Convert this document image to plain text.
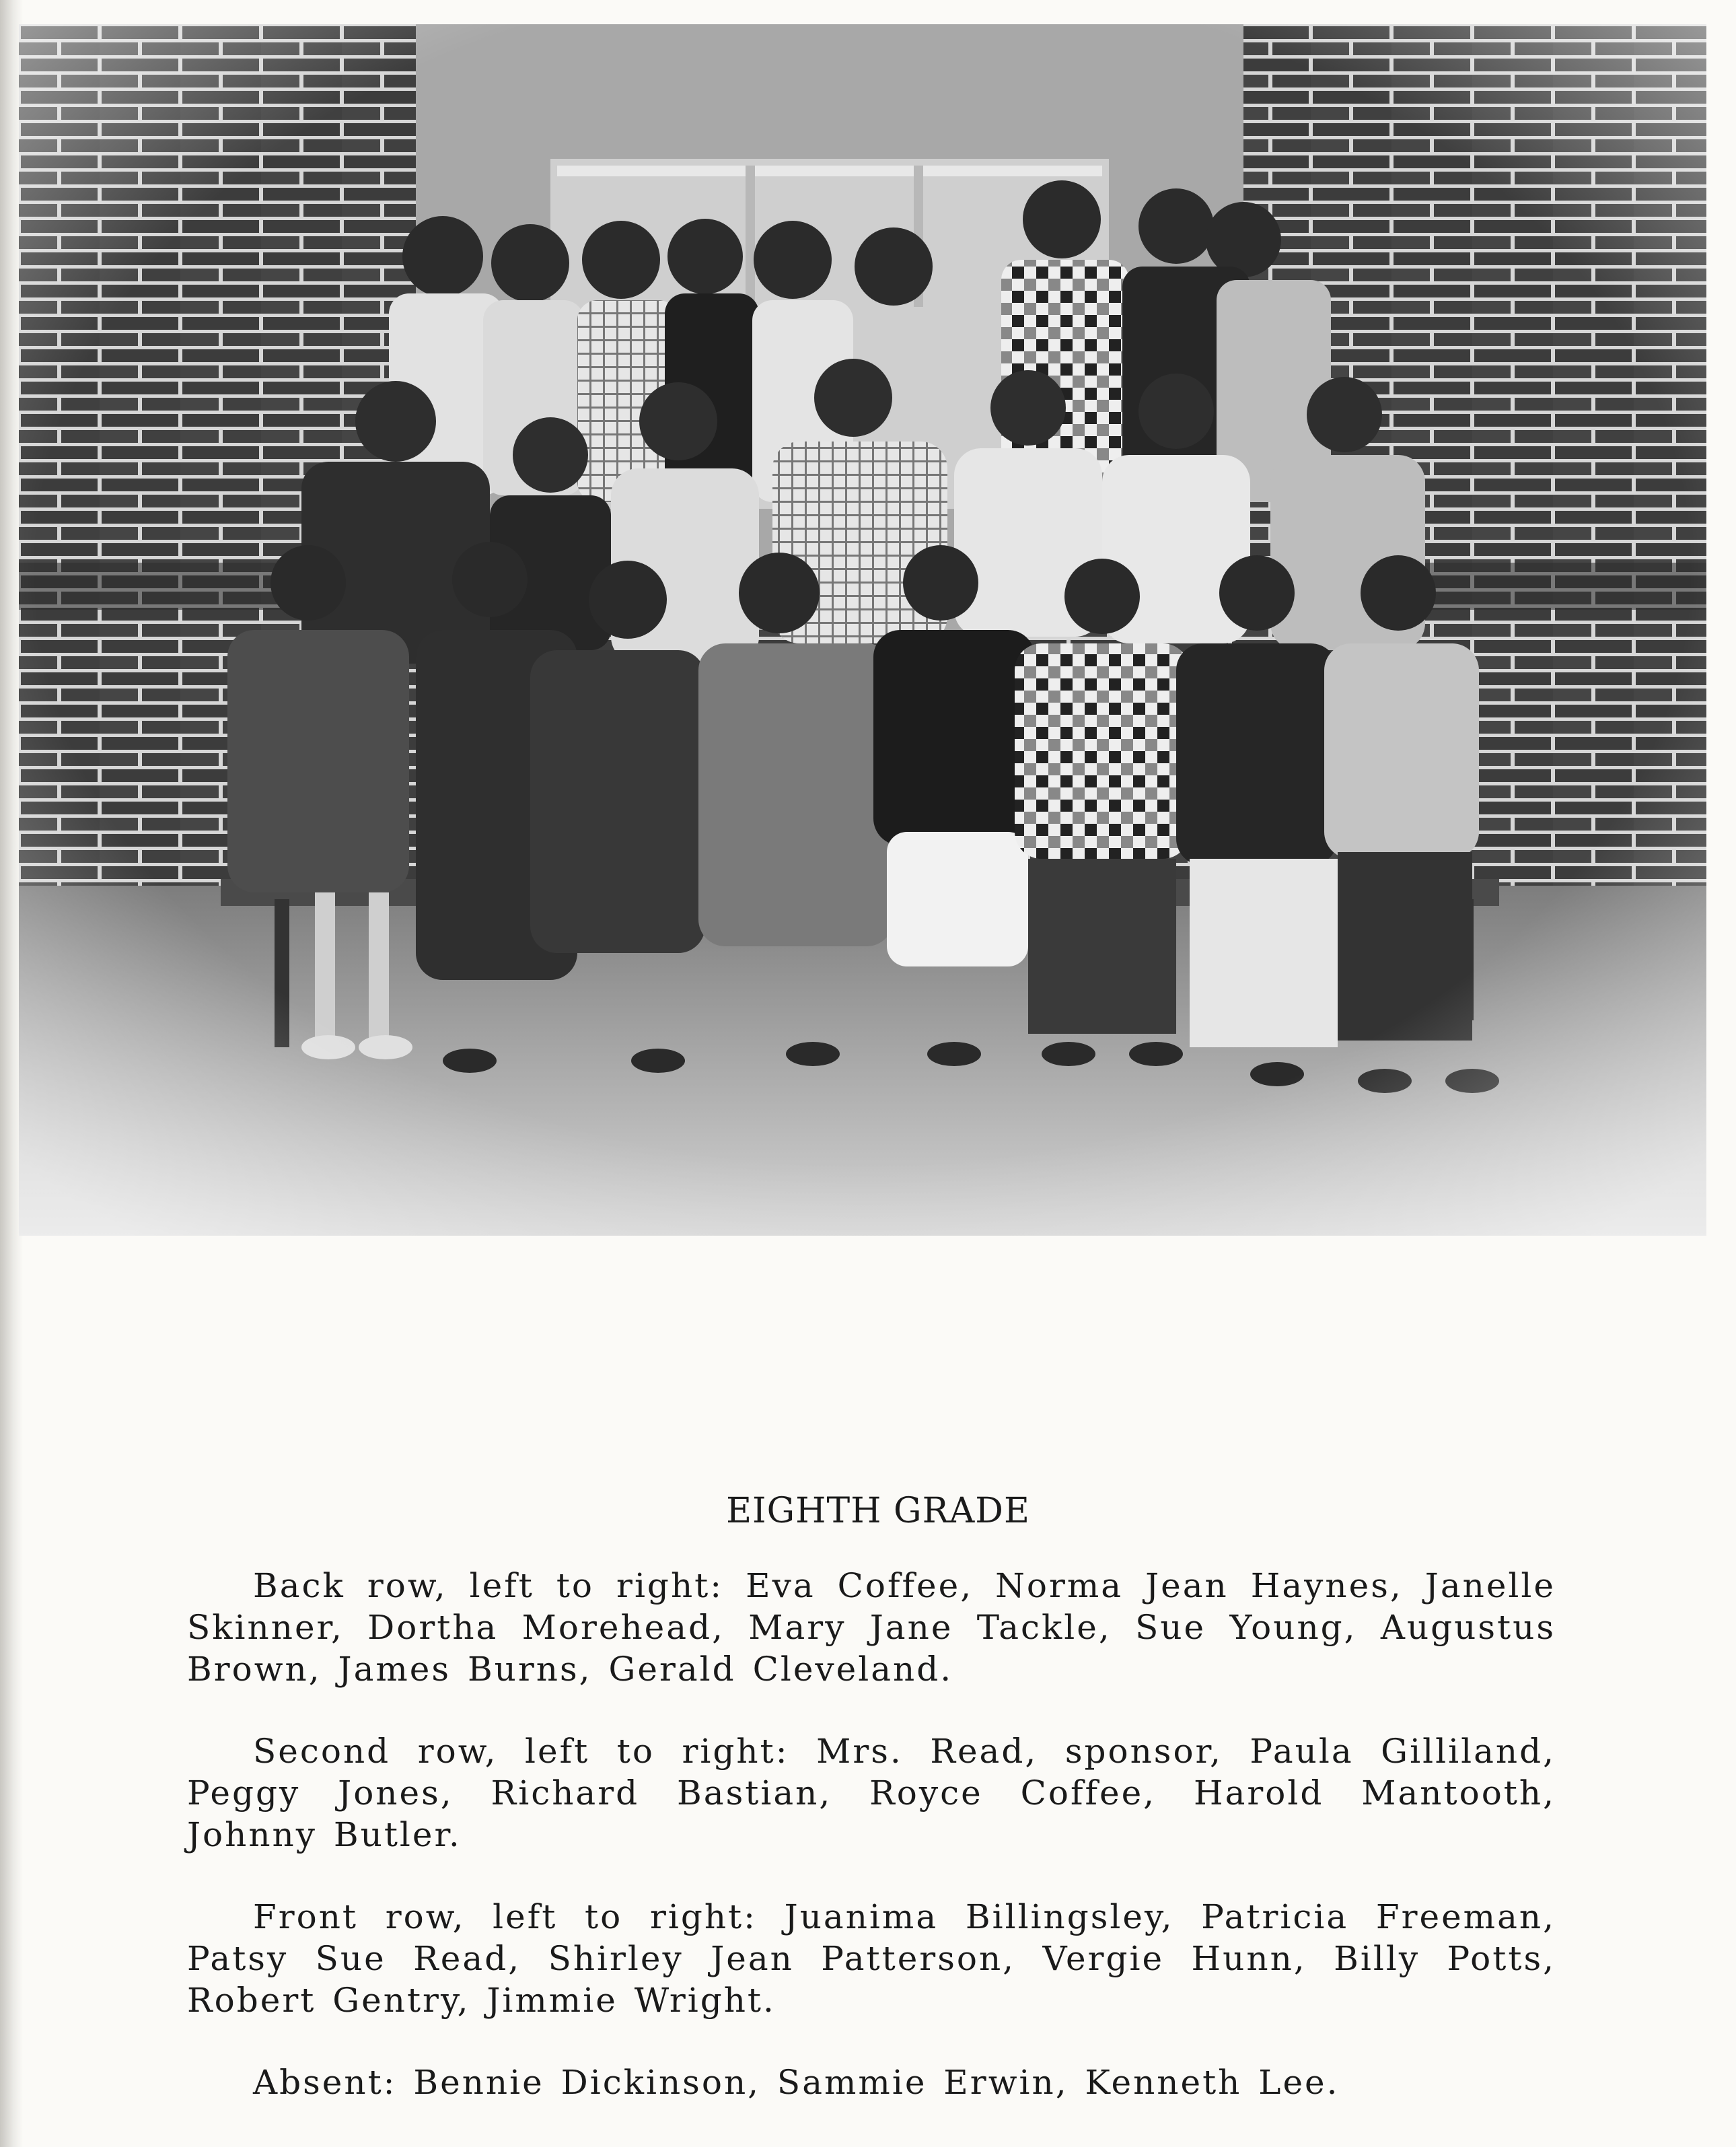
EIGHTH GRADE

Back row, left to right: Eva Coffee, Norma Jean Haynes, Janelle Skinner, Dortha Morehead, Mary Jane Tackle, Sue Young, Augustus Brown, James Burns, Gerald Cleveland.

Second row, left to right: Mrs. Read, sponsor, Paula Gilliland, Peggy Jones, Richard Bastian, Royce Coffee, Harold Mantooth, Johnny Butler.

Front row, left to right: Juanima Billingsley, Patricia Freeman, Patsy Sue Read, Shirley Jean Patterson, Vergie Hunn, Billy Potts, Robert Gentry, Jimmie Wright.

Absent: Bennie Dickinson, Sammie Erwin, Kenneth Lee.
